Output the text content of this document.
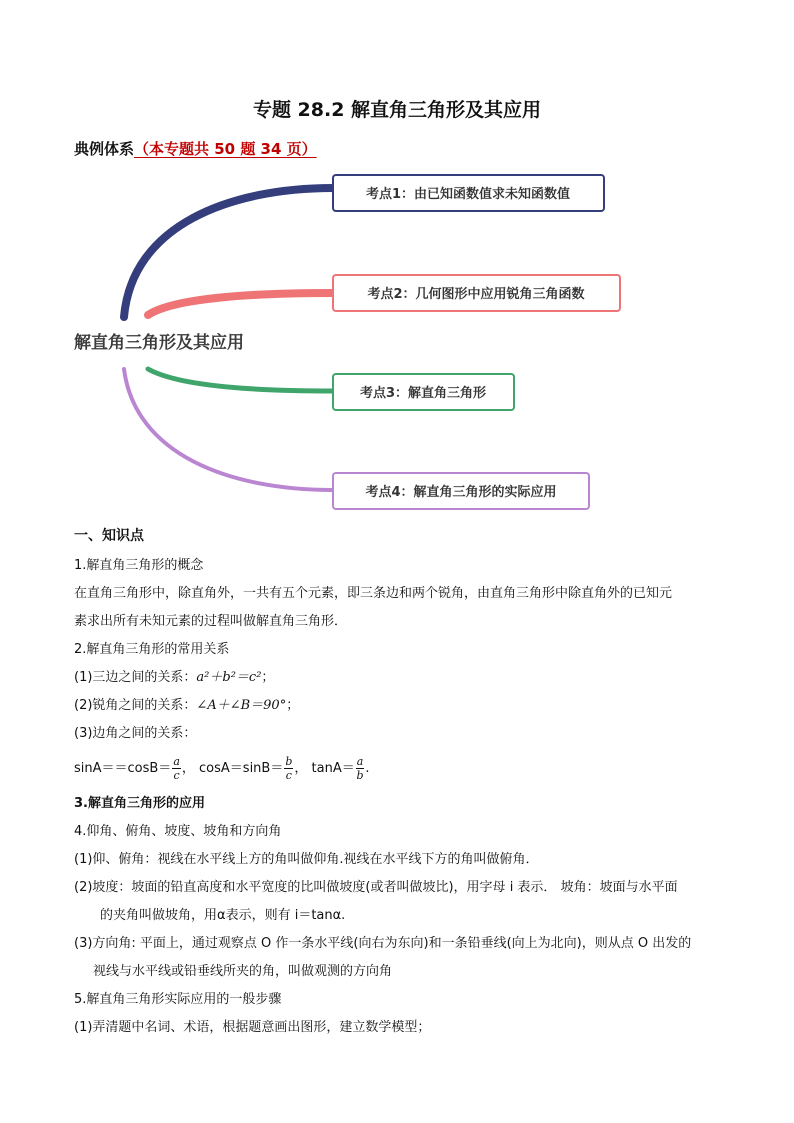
专题 28.2 解直角三角形及其应用
典例体系（本专题共 50 题 34 页）
解直角三角形及其应用
考点1：由已知函数值求未知函数值
考点2：几何图形中应用锐角三角函数
考点3：解直角三角形
考点4：解直角三角形的实际应用
一、知识点
1.解直角三角形的概念
在直角三角形中，除直角外，一共有五个元素，即三条边和两个锐角，由直角三角形中除直角外的已知元
素求出所有未知元素的过程叫做解直角三角形．
2.解直角三角形的常用关系
(1)三边之间的关系：a²＋b²＝c²；
(2)锐角之间的关系：∠A＋∠B＝90°；
(3)边角之间的关系：
$\sin A==\cos B= \frac{a}{c}$ ， $\cos A=\sin B= \frac{b}{c}$ ， $\tan A= \frac{a}{b}$ .
3.解直角三角形的应用
4.仰角、俯角、坡度、坡角和方向角
(1)仰、俯角：视线在水平线上方的角叫做仰角.视线在水平线下方的角叫做俯角．
(2)坡度：坡面的铅直高度和水平宽度的比叫做坡度(或者叫做坡比)，用字母 i 表示． 坡角：坡面与水平面
的夹角叫做坡角，用α表示，则有 i＝tanα.
(3)方向角: 平面上，通过观察点 O 作一条水平线(向右为东向)和一条铅垂线(向上为北向)，则从点 O 出发的
视线与水平线或铅垂线所夹的角，叫做观测的方向角
5.解直角三角形实际应用的一般步骤
(1)弄清题中名词、术语，根据题意画出图形，建立数学模型；
